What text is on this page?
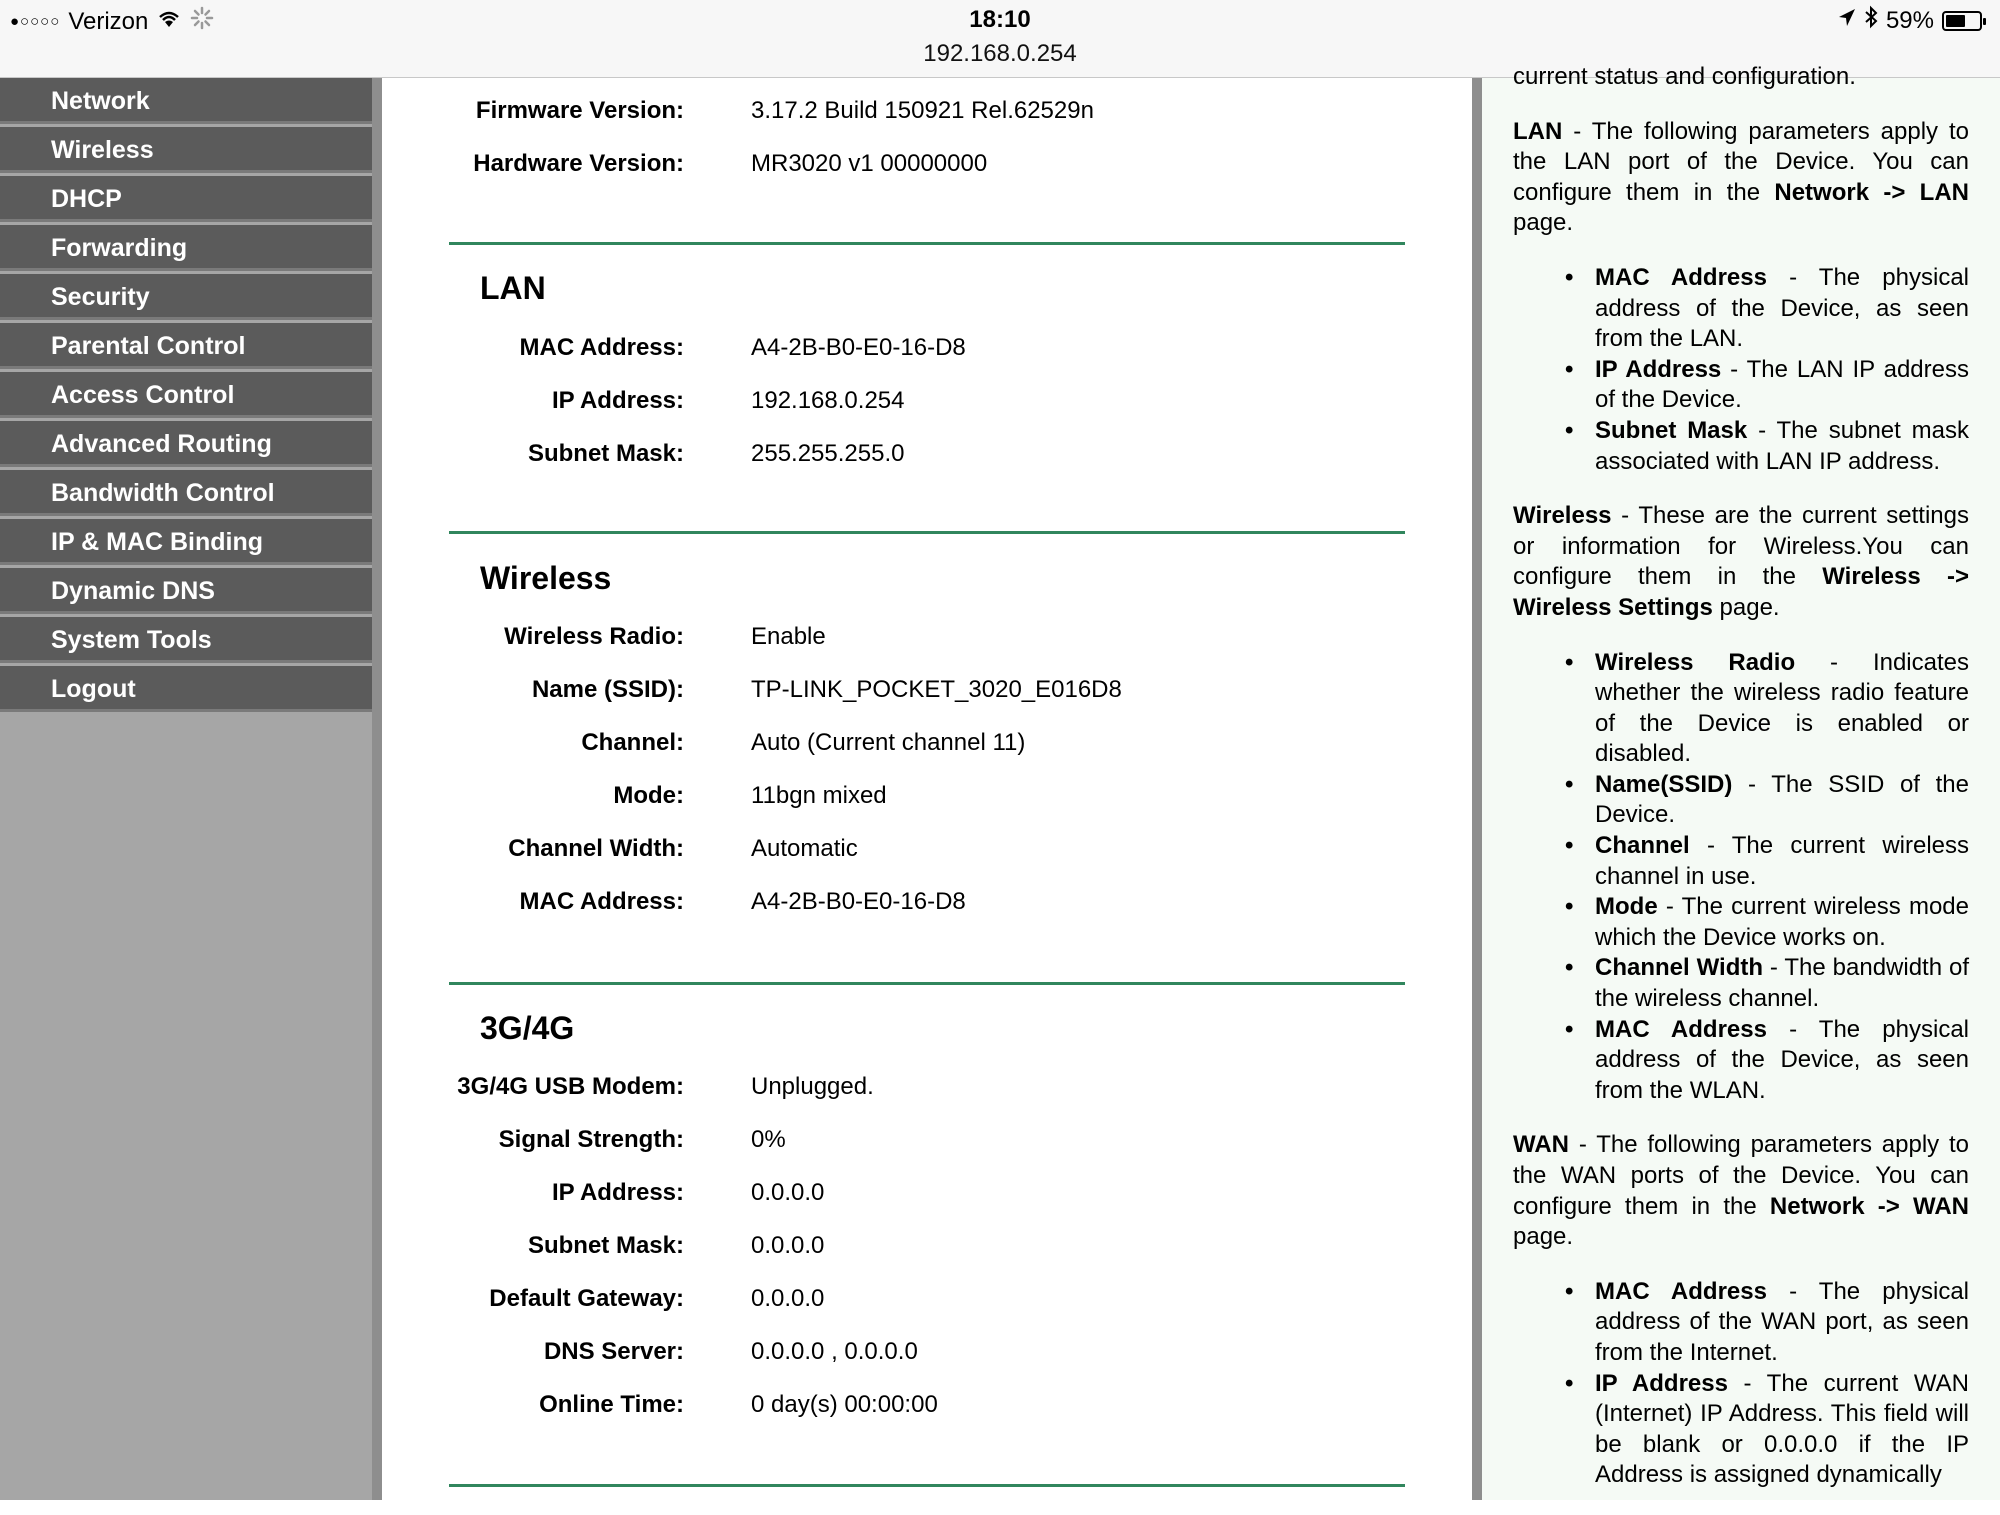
●○○○○ Verizon	18:10
192.168.0.254
59%
Network
Wireless
DHCP
Forwarding
Security
Parental Control
Access Control
Advanced Routing
Bandwidth Control
IP & MAC Binding
Dynamic DNS
System Tools
Logout
Firmware Version:	3.17.2 Build 150921 Rel.62529n
Hardware Version:	MR3020 v1 00000000
LAN
MAC Address:	A4-2B-B0-E0-16-D8
IP Address:	192.168.0.254
Subnet Mask:	255.255.255.0
Wireless
Wireless Radio:	Enable
Name (SSID):	TP-LINK_POCKET_3020_E016D8
Channel:	Auto (Current channel 11)
Mode:	11bgn mixed
Channel Width:	Automatic
MAC Address:	A4-2B-B0-E0-16-D8
3G/4G
3G/4G USB Modem:	Unplugged.
Signal Strength:	0%
IP Address:	0.0.0.0
Subnet Mask:	0.0.0.0
Default Gateway:	0.0.0.0
DNS Server:	0.0.0.0 , 0.0.0.0
Online Time:	0 day(s) 00:00:00

current status and configuration.

LAN - The following parameters apply to the LAN port of the Device. You can configure them in the Network -> LAN page.

• MAC Address - The physical address of the Device, as seen from the LAN.
• IP Address - The LAN IP address of the Device.
• Subnet Mask - The subnet mask associated with LAN IP address.

Wireless - These are the current settings or information for Wireless.You can configure them in the Wireless -> Wireless Settings page.

• Wireless Radio - Indicates whether the wireless radio feature of the Device is enabled or disabled.
• Name(SSID) - The SSID of the Device.
• Channel - The current wireless channel in use.
• Mode - The current wireless mode which the Device works on.
• Channel Width - The bandwidth of the wireless channel.
• MAC Address - The physical address of the Device, as seen from the WLAN.

WAN - The following parameters apply to the WAN ports of the Device. You can configure them in the Network -> WAN page.

• MAC Address - The physical address of the WAN port, as seen from the Internet.
• IP Address - The current WAN (Internet) IP Address. This field will be blank or 0.0.0.0 if the IP Address is assigned dynamically
